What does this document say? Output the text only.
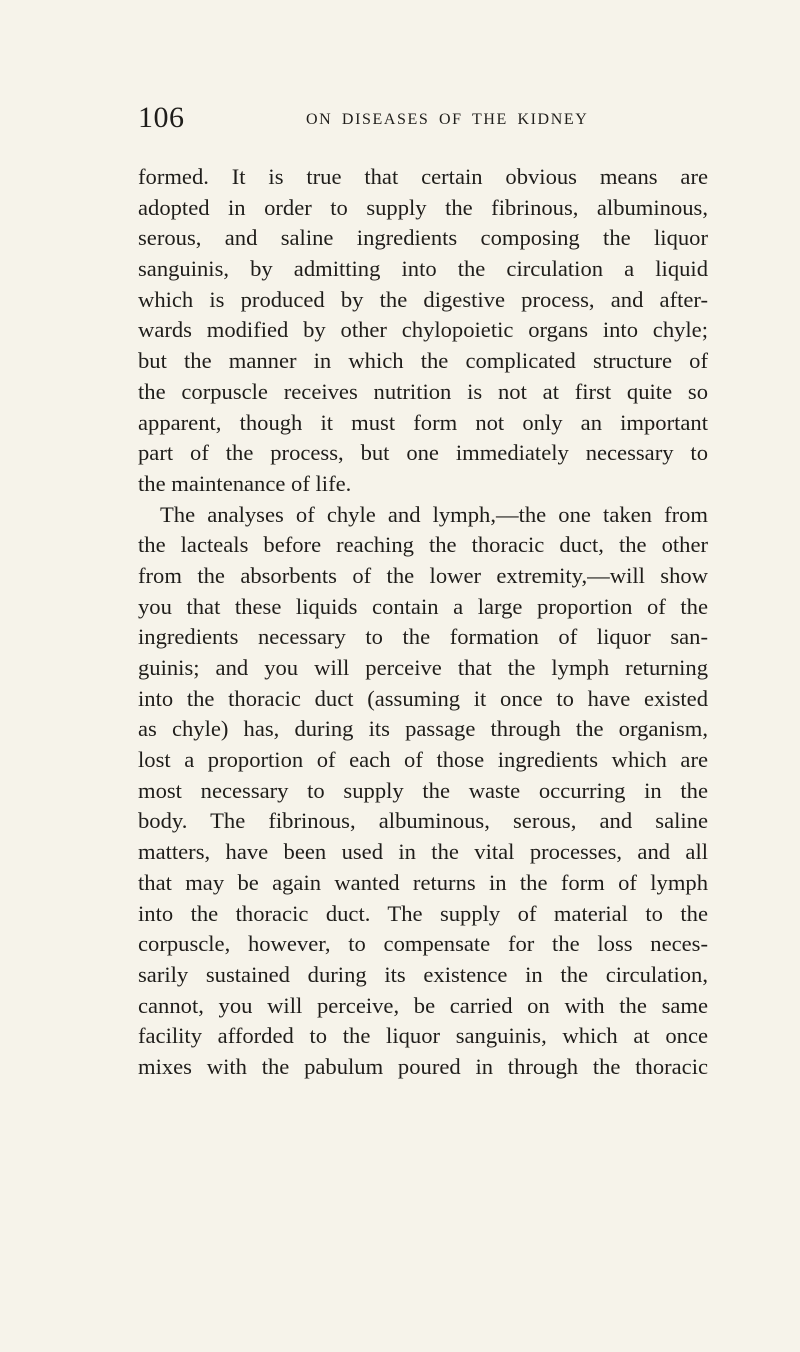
106	ON DISEASES OF THE KIDNEY
formed. It is true that certain obvious means are
adopted in order to supply the fibrinous, albuminous,
serous, and saline ingredients composing the liquor
sanguinis, by admitting into the circulation a liquid
which is produced by the digestive process, and after-
wards modified by other chylopoietic organs into chyle;
but the manner in which the complicated structure of
the corpuscle receives nutrition is not at first quite so
apparent, though it must form not only an important
part of the process, but one immediately necessary to
the maintenance of life.
The analyses of chyle and lymph,—the one taken from
the lacteals before reaching the thoracic duct, the other
from the absorbents of the lower extremity,—will show
you that these liquids contain a large proportion of the
ingredients necessary to the formation of liquor san-
guinis; and you will perceive that the lymph returning
into the thoracic duct (assuming it once to have existed
as chyle) has, during its passage through the organism,
lost a proportion of each of those ingredients which are
most necessary to supply the waste occurring in the
body. The fibrinous, albuminous, serous, and saline
matters, have been used in the vital processes, and all
that may be again wanted returns in the form of lymph
into the thoracic duct. The supply of material to the
corpuscle, however, to compensate for the loss neces-
sarily sustained during its existence in the circulation,
cannot, you will perceive, be carried on with the same
facility afforded to the liquor sanguinis, which at once
mixes with the pabulum poured in through the thoracic
